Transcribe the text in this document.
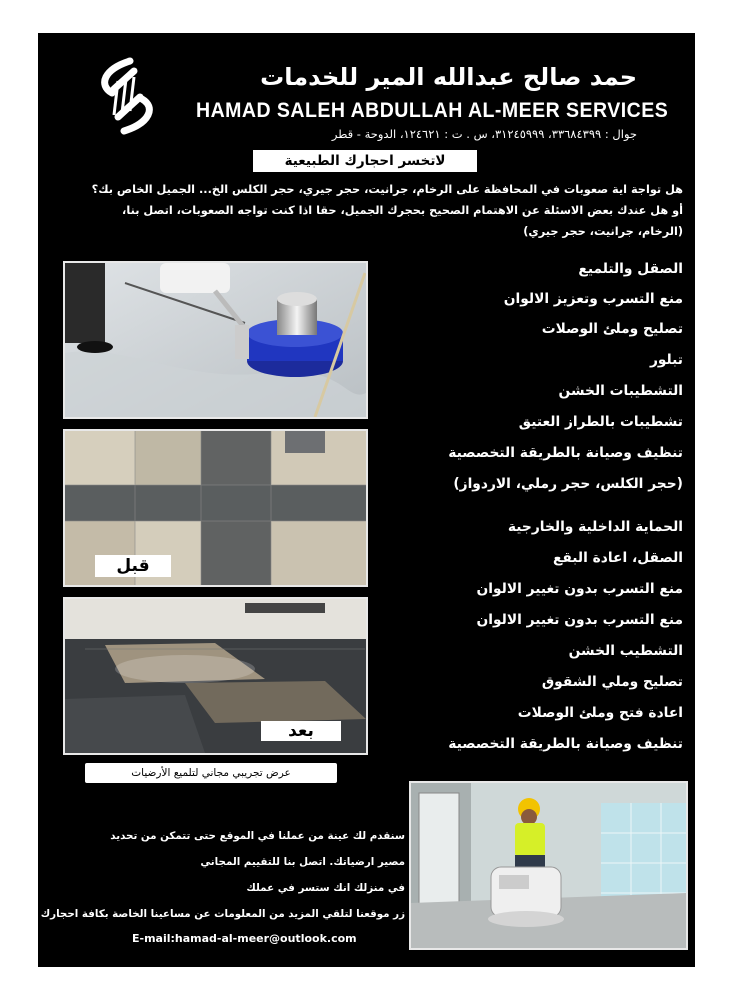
حمد صالح عبدالله المير للخدمات
HAMAD SALEH ABDULLAH AL-MEER SERVICES
جوال : ٣٣٦٨٤٣٩٩، ٣١٢٤٥٩٩٩، س . ت : ١٢٤٦٢١، الدوحة - قطر
لاتخسر احجارك الطبيعية

هل تواجة اية صعوبات في المحافظة على الرخام، جرانيت، حجر جيري، حجر الكلس الخ... الجميل الخاص بك؟

أو هل عندك بعض الاسئلة عن الاهتمام الصحيح بحجرك الجميل، حقا اذا كنت تواجه الصعوبات، اتصل بنا،

(الرخام، جرانيت، حجر جيري)

قبل
بعد
عرض تجريبي مجاني لتلميع الأرضيات
الصقل والتلميع
منع التسرب وتعزيز الالوان
تصليح وملئ الوصلات
تبلور
التشطيبات الخشن
تشطيبات بالطراز العتيق
تنظيف وصيانة بالطريقة التخصصية
(حجر الكلس، حجر رملي، الاردواز)
الحماية الداخلية والخارجية
الصقل، اعادة البقع
منع التسرب بدون تغيير الالوان
منع التسرب بدون تغيير الالوان
التشطيب الخشن
تصليح وملي الشقوق
اعادة فتح وملئ الوصلات
تنظيف وصيانة بالطريقة التخصصية

سنقدم لك عينة من عملنا في الموقع حتى تتمكن من تحديد

مصير ارضياتك. اتصل بنا للتقييم المجاني

في منزلك انك ستسر في عملك

زر موقعنا لتلقي المزيد من المعلومات عن مساعينا الخاصة بكافة احجارك

E-mail:hamad-al-meer@outlook.com
